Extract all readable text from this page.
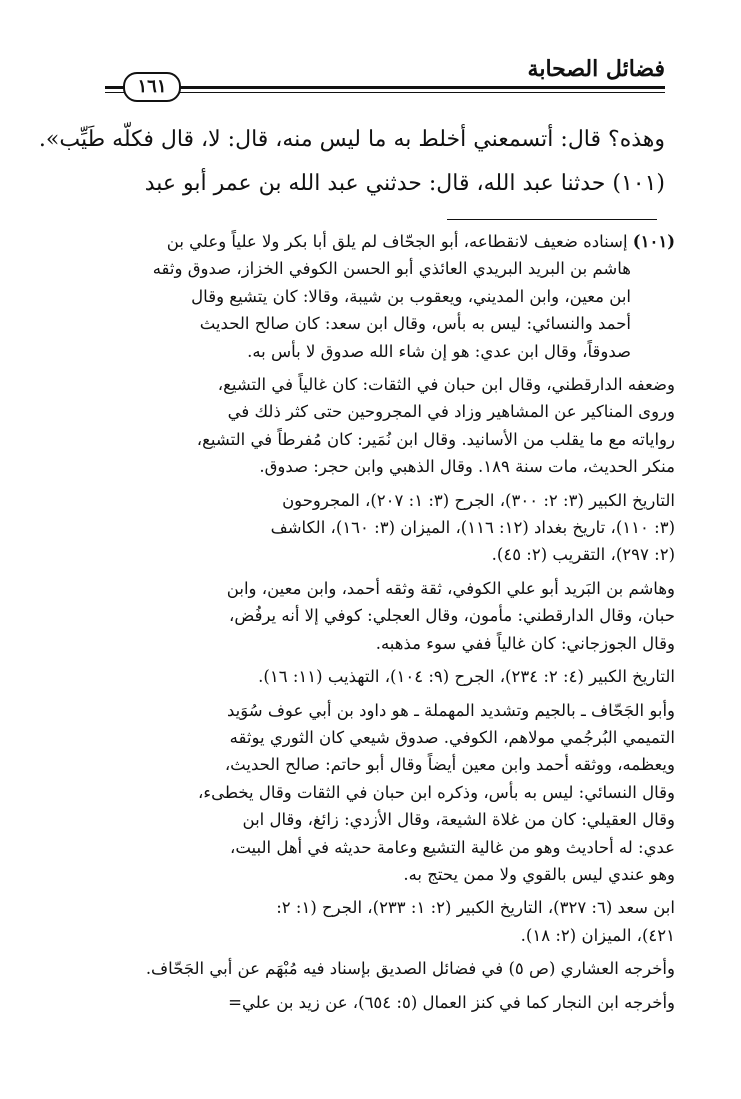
فضائل الصحابة
١٦١
وهذه؟ قال: أتسمعني أخلط به ما ليس منه، قال: لا، قال فكلّه طَيِّب».
(١٠١) حدثنا عبد الله، قال: حدثني عبد الله بن عمر أبو عبد
(١٠١) إسناده ضعيف لانقطاعه، أبو الجحّاف لم يلق أبا بكر ولا علياً وعلي بن
هاشم بن البريد البريدي العائذي أبو الحسن الكوفي الخزاز، صدوق وثقه
ابن معين، وابن المديني، ويعقوب بن شيبة، وقالا: كان يتشيع وقال
أحمد والنسائي: ليس به بأس، وقال ابن سعد: كان صالح الحديث
صدوقاً، وقال ابن عدي: هو إن شاء الله صدوق لا بأس به.
وضعفه الدارقطني، وقال ابن حبان في الثقات: كان غالياً في التشيع،
وروى المناكير عن المشاهير وزاد في المجروحين حتى كثر ذلك في
رواياته مع ما يقلب من الأسانيد. وقال ابن نُمَير: كان مُفرطاً في التشيع،
منكر الحديث، مات سنة ١٨٩. وقال الذهبي وابن حجر: صدوق.
التاريخ الكبير (٣: ٢: ٣٠٠)، الجرح (٣: ١: ٢٠٧)، المجروحون
(٣: ١١٠)، تاريخ بغداد (١٢: ١١٦)، الميزان (٣: ١٦٠)، الكاشف
(٢: ٢٩٧)، التقريب (٢: ٤٥).
وهاشم بن البَريد أبو علي الكوفي، ثقة وثقه أحمد، وابن معين، وابن
حبان، وقال الدارقطني: مأمون، وقال العجلي: كوفي إلا أنه يرفُض،
وقال الجوزجاني: كان غالياً ففي سوء مذهبه.
التاريخ الكبير (٤: ٢: ٢٣٤)، الجرح (٩: ١٠٤)، التهذيب (١١: ١٦).
وأبو الجَحّاف ـ بالجيم وتشديد المهملة ـ هو داود بن أبي عوف سُوَيد
التميمي البُرجُمي مولاهم، الكوفي. صدوق شيعي كان الثوري يوثقه
ويعظمه، ووثقه أحمد وابن معين أيضاً وقال أبو حاتم: صالح الحديث،
وقال النسائي: ليس به بأس، وذكره ابن حبان في الثقات وقال يخطىء،
وقال العقيلي: كان من غلاة الشيعة، وقال الأزدي: زائغ، وقال ابن
عدي: له أحاديث وهو من غالية التشيع وعامة حديثه في أهل البيت،
وهو عندي ليس بالقوي ولا ممن يحتج به.
ابن سعد (٦: ٣٢٧)، التاريخ الكبير (٢: ١: ٢٣٣)، الجرح (١: ٢:
٤٢١)، الميزان (٢: ١٨).
وأخرجه العشاري (ص ٥) في فضائل الصديق بإسناد فيه مُبْهَم عن أبي الجَحّاف.
وأخرجه ابن النجار كما في كنز العمال (٥: ٦٥٤)، عن زيد بن علي=
